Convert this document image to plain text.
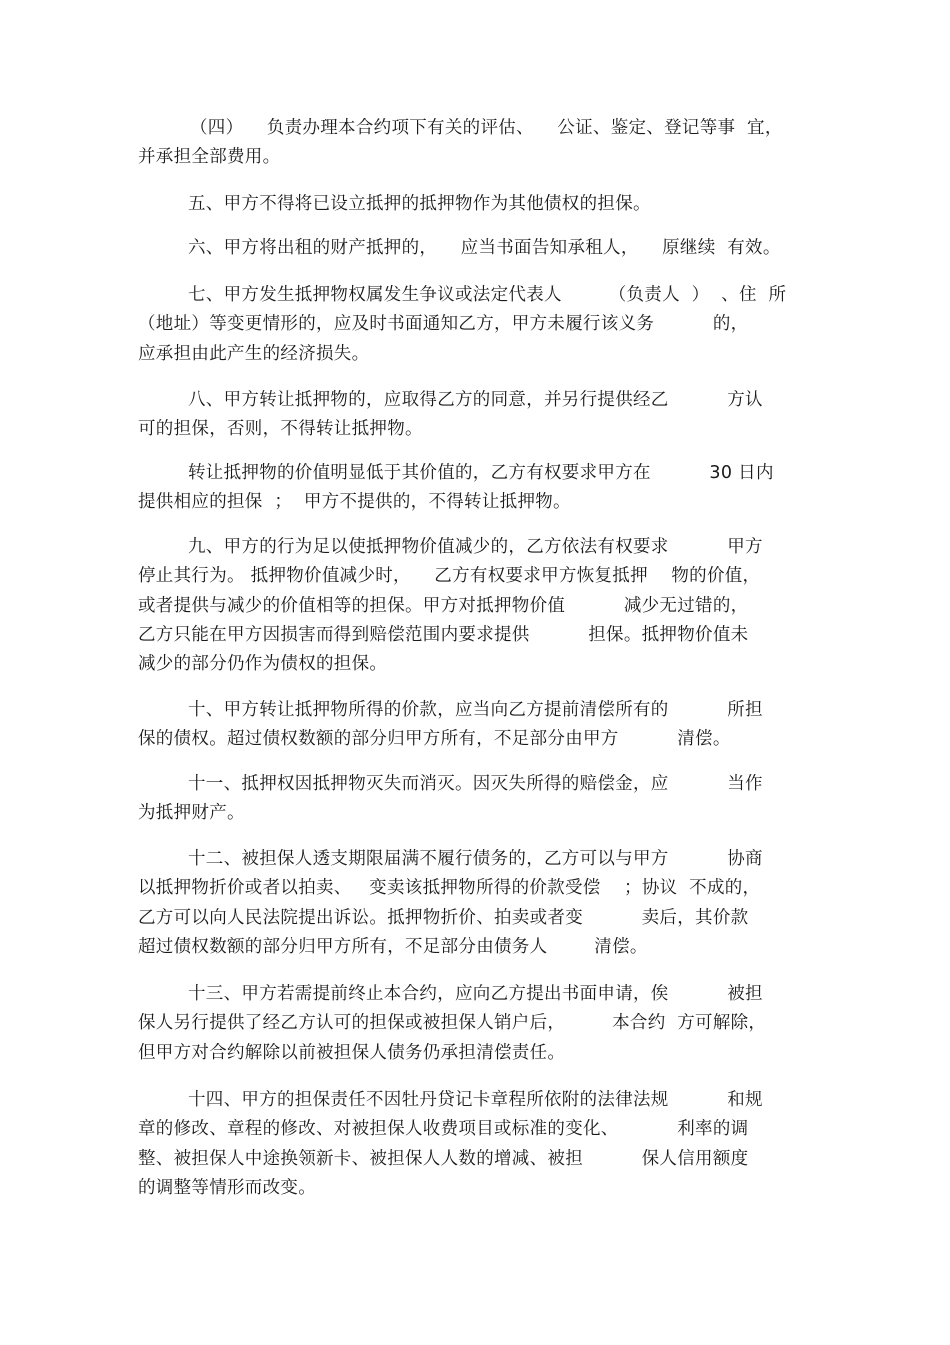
（四）    负责办理本合约项下有关的评估、    公证、鉴定、登记等事  宜，
并承担全部费用。
五、甲方不得将已设立抵押的抵押物作为其他债权的担保。
六、甲方将出租的财产抵押的，    应当书面告知承租人，    原继续  有效。
七、甲方发生抵押物权属发生争议或法定代表人        （负责人  ）  、住  所
（地址）等变更情形的，应及时书面通知乙方，甲方未履行该义务          的，
应承担由此产生的经济损失。
八、甲方转让抵押物的，应取得乙方的同意，并另行提供经乙          方认
可的担保，否则，不得转让抵押物。
转让抵押物的价值明显低于其价值的，乙方有权要求甲方在          30 日内
提供相应的担保  ；  甲方不提供的，不得转让抵押物。
九、甲方的行为足以使抵押物价值减少的，乙方依法有权要求          甲方
停止其行为。 抵押物价值减少时，    乙方有权要求甲方恢复抵押    物的价值，
或者提供与减少的价值相等的担保。甲方对抵押物价值          减少无过错的，
乙方只能在甲方因损害而得到赔偿范围内要求提供          担保。抵押物价值未
减少的部分仍作为债权的担保。
十、甲方转让抵押物所得的价款，应当向乙方提前清偿所有的          所担
保的债权。超过债权数额的部分归甲方所有，不足部分由甲方          清偿。
十一、抵押权因抵押物灭失而消灭。因灭失所得的赔偿金，应          当作
为抵押财产。
十二、被担保人透支期限届满不履行债务的，乙方可以与甲方          协商
以抵押物折价或者以拍卖、   变卖该抵押物所得的价款受偿    ；协议  不成的，
乙方可以向人民法院提出诉讼。抵押物折价、拍卖或者变          卖后，其价款
超过债权数额的部分归甲方所有，不足部分由债务人        清偿。
十三、甲方若需提前终止本合约，应向乙方提出书面申请，俟          被担
保人另行提供了经乙方认可的担保或被担保人销户后，        本合约  方可解除，
但甲方对合约解除以前被担保人债务仍承担清偿责任。
十四、甲方的担保责任不因牡丹贷记卡章程所依附的法律法规          和规
章的修改、章程的修改、对被担保人收费项目或标准的变化、          利率的调
整、被担保人中途换领新卡、被担保人人数的增减、被担          保人信用额度
的调整等情形而改变。
